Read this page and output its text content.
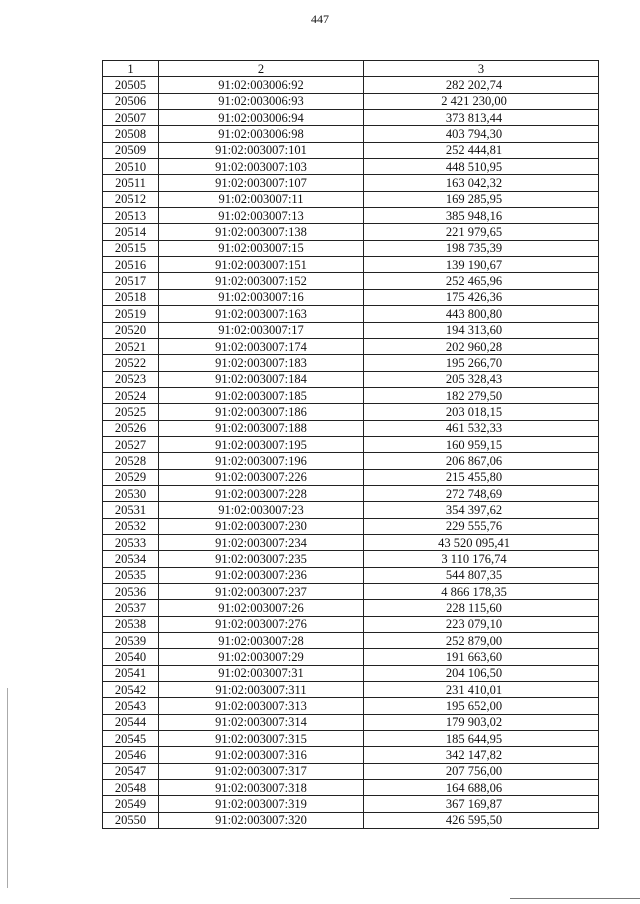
447
1	2	3
20505	91:02:003006:92	282 202,74
20506	91:02:003006:93	2 421 230,00
20507	91:02:003006:94	373 813,44
20508	91:02:003006:98	403 794,30
20509	91:02:003007:101	252 444,81
20510	91:02:003007:103	448 510,95
20511	91:02:003007:107	163 042,32
20512	91:02:003007:11	169 285,95
20513	91:02:003007:13	385 948,16
20514	91:02:003007:138	221 979,65
20515	91:02:003007:15	198 735,39
20516	91:02:003007:151	139 190,67
20517	91:02:003007:152	252 465,96
20518	91:02:003007:16	175 426,36
20519	91:02:003007:163	443 800,80
20520	91:02:003007:17	194 313,60
20521	91:02:003007:174	202 960,28
20522	91:02:003007:183	195 266,70
20523	91:02:003007:184	205 328,43
20524	91:02:003007:185	182 279,50
20525	91:02:003007:186	203 018,15
20526	91:02:003007:188	461 532,33
20527	91:02:003007:195	160 959,15
20528	91:02:003007:196	206 867,06
20529	91:02:003007:226	215 455,80
20530	91:02:003007:228	272 748,69
20531	91:02:003007:23	354 397,62
20532	91:02:003007:230	229 555,76
20533	91:02:003007:234	43 520 095,41
20534	91:02:003007:235	3 110 176,74
20535	91:02:003007:236	544 807,35
20536	91:02:003007:237	4 866 178,35
20537	91:02:003007:26	228 115,60
20538	91:02:003007:276	223 079,10
20539	91:02:003007:28	252 879,00
20540	91:02:003007:29	191 663,60
20541	91:02:003007:31	204 106,50
20542	91:02:003007:311	231 410,01
20543	91:02:003007:313	195 652,00
20544	91:02:003007:314	179 903,02
20545	91:02:003007:315	185 644,95
20546	91:02:003007:316	342 147,82
20547	91:02:003007:317	207 756,00
20548	91:02:003007:318	164 688,06
20549	91:02:003007:319	367 169,87
20550	91:02:003007:320	426 595,50
